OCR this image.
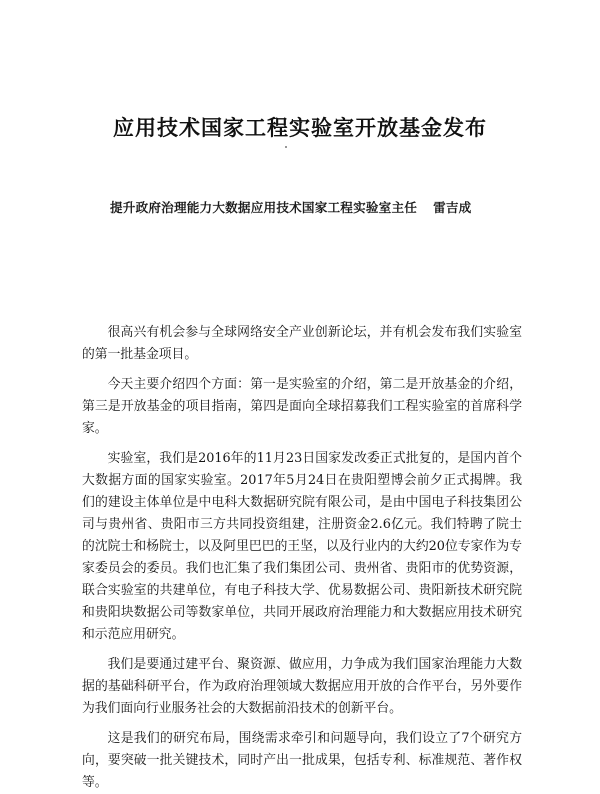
应用技术国家工程实验室开放基金发布
提升政府治理能力大数据应用技术国家工程实验室主任 雷吉成

很高兴有机会参与全球网络安全产业创新论坛，并有机会发布我们实验室的第一批基金项目。

今天主要介绍四个方面：第一是实验室的介绍，第二是开放基金的介绍，第三是开放基金的项目指南，第四是面向全球招募我们工程实验室的首席科学家。

实验室，我们是2016年的11月23日国家发改委正式批复的，是国内首个大数据方面的国家实验室。2017年5月24日在贵阳塑博会前夕正式揭牌。我们的建设主体单位是中电科大数据研究院有限公司，是由中国电子科技集团公司与贵州省、贵阳市三方共同投资组建，注册资金2.6亿元。我们特聘了院士的沈院士和杨院士，以及阿里巴巴的王坚，以及行业内的大约20位专家作为专家委员会的委员。我们也汇集了我们集团公司、贵州省、贵阳市的优势资源，联合实验室的共建单位，有电子科技大学、优易数据公司、贵阳新技术研究院和贵阳块数据公司等数家单位，共同开展政府治理能力和大数据应用技术研究和示范应用研究。

我们是要通过建平台、聚资源、做应用，力争成为我们国家治理能力大数据的基础科研平台，作为政府治理领域大数据应用开放的合作平台，另外要作为我们面向行业服务社会的大数据前沿技术的创新平台。

这是我们的研究布局，围绕需求牵引和问题导向，我们设立了7个研究方向，要突破一批关键技术，同时产出一批成果，包括专利、标准规范、著作权等。
